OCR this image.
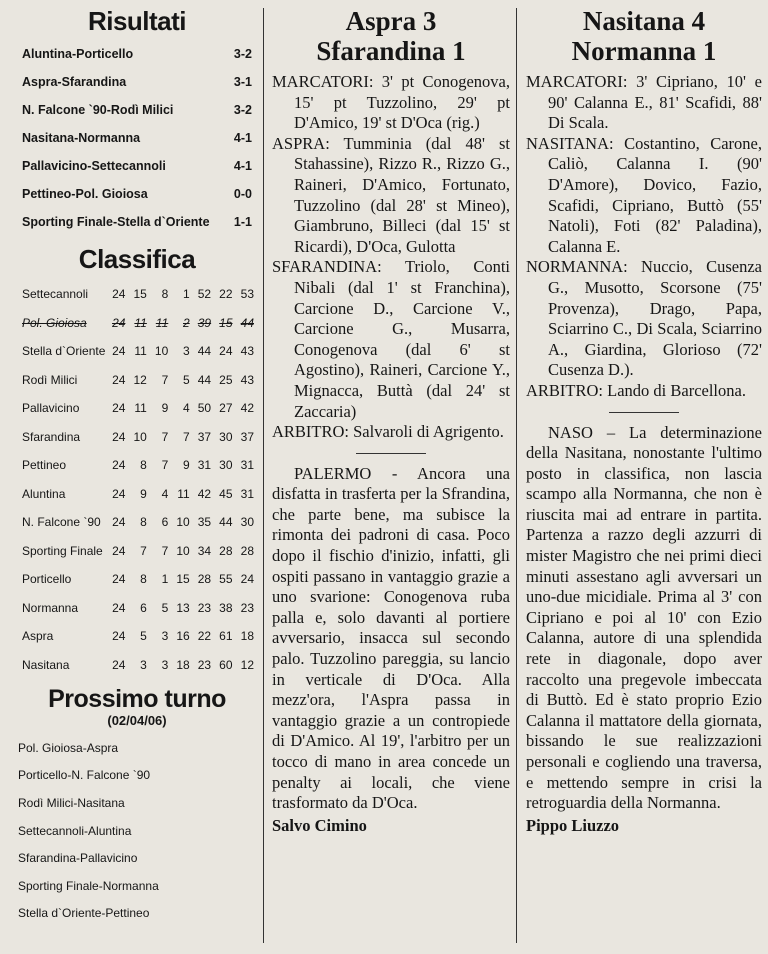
Risultati
Aluntina-Porticello	3-2
Aspra-Sfarandina	3-1
N. Falcone `90-Rodì Milici	3-2
Nasitana-Normanna	4-1
Pallavicino-Settecannoli	4-1
Pettineo-Pol. Gioiosa	0-0
Sporting Finale-Stella d`Oriente 1-1
Classifica
Settecannoli	24	15	8	1	52	22	53
Pol. Gioiosa	24	11	11	2	39	15	44
Stella d`Oriente	24	11	10	3	44	24	43
Rodì Milici	24	12	7	5	44	25	43
Pallavicino	24	11	9	4	50	27	42
Sfarandina	24	10	7	7	37	30	37
Pettineo	24	8	7	9	31	30	31
Aluntina	24	9	4	11	42	45	31
N. Falcone `90	24	8	6	10	35	44	30
Sporting Finale	24	7	7	10	34	28	28
Porticello	24	8	1	15	28	55	24
Normanna	24	6	5	13	23	38	23
Aspra	24	5	3	16	22	61	18
Nasitana	24	3	3	18	23	60	12
Prossimo turno
(02/04/06)
Pol. Gioiosa-Aspra
Porticello-N. Falcone `90
Rodì Milici-Nasitana
Settecannoli-Aluntina
Sfarandina-Pallavicino
Sporting Finale-Normanna
Stella d`Oriente-Pettineo
Aspra 3
Sfarandina 1

MARCATORI: 3' pt Conogenova, 15' pt Tuzzolino, 29' pt D'Amico, 19' st D'Oca (rig.)

ASPRA: Tumminia (dal 48' st Stahassine), Rizzo R., Rizzo G., Raineri, D'Amico, Fortunato, Tuzzolino (dal 28' st Mineo), Giambruno, Billeci (dal 15' st Ricardi), D'Oca, Gulotta

SFARANDINA: Triolo, Conti Nibali (dal 1' st Franchina), Carcione D., Carcione V., Carcione G., Musarra, Conogenova (dal 6' st Agostino), Raineri, Carcione Y., Mignacca, Buttà (dal 24' st Zaccaria)

ARBITRO: Salvaroli di Agrigento.

PALERMO - Ancora una disfatta in trasferta per la Sfrandina, che parte bene, ma subisce la rimonta dei padroni di casa. Poco dopo il fischio d'inizio, infatti, gli ospiti passano in vantaggio grazie a uno svarione: Conogenova ruba palla e, solo davanti al portiere avversario, insacca sul secondo palo. Tuzzolino pareggia, su lancio in verticale di D'Oca. Alla mezz'ora, l'Aspra passa in vantaggio grazie a un contropiede di D'Amico. Al 19', l'arbitro per un tocco di mano in area concede un penalty ai locali, che viene trasformato da D'Oca.

Salvo Cimino

Nasitana 4
Normanna 1

MARCATORI: 3' Cipriano, 10' e 90' Calanna E., 81' Scafidi, 88' Di Scala.

NASITANA: Costantino, Carone, Caliò, Calanna I. (90' D'Amore), Dovico, Fazio, Scafidi, Cipriano, Buttò (55' Natoli), Foti (82' Paladina), Calanna E.

NORMANNA: Nuccio, Cusenza G., Musotto, Scorsone (75' Provenza), Drago, Papa, Sciarrino C., Di Scala, Sciarrino A., Giardina, Glorioso (72' Cusenza D.).

ARBITRO: Lando di Barcellona.

NASO – La determinazione della Nasitana, nonostante l'ultimo posto in classifica, non lascia scampo alla Normanna, che non è riuscita mai ad entrare in partita. Partenza a razzo degli azzurri di mister Magistro che nei primi dieci minuti assestano agli avversari un uno-due micidiale. Prima al 3' con Cipriano e poi al 10' con Ezio Calanna, autore di una splendida rete in diagonale, dopo aver raccolto una pregevole imbeccata di Buttò. Ed è stato proprio Ezio Calanna il mattatore della giornata, bissando le sue realizzazioni personali e cogliendo una traversa, e mettendo sempre in crisi la retroguardia della Normanna.

Pippo Liuzzo
